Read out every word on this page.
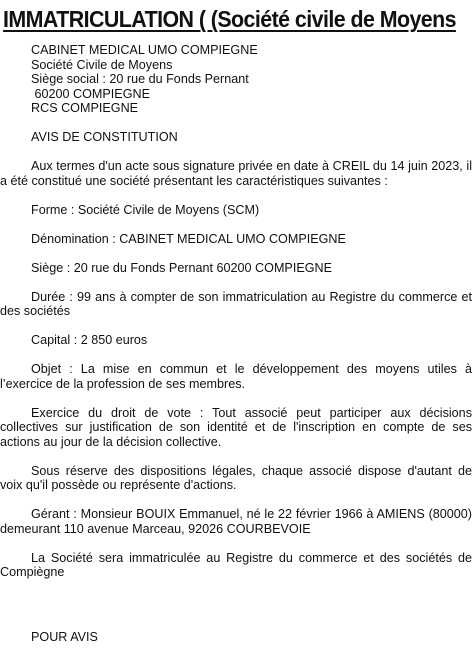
IMMATRICULATION ( (Société civile de Moyens

CABINET MEDICAL UMO COMPIEGNE

Société Civile de Moyens

Siège social : 20 rue du Fonds Pernant

60200 COMPIEGNE

RCS COMPIEGNE

AVIS DE CONSTITUTION

Aux termes d'un acte sous signature privée en date à CREIL du 14 juin 2023, il a été constitué une société présentant les caractéristiques suivantes :

Forme : Société Civile de Moyens (SCM)

Dénomination : CABINET MEDICAL UMO COMPIEGNE

Siège : 20 rue du Fonds Pernant 60200 COMPIEGNE

Durée : 99 ans à compter de son immatriculation au Registre du commerce et des sociétés

Capital : 2 850 euros

Objet : La mise en commun et le développement des moyens utiles à l’exercice de la profession de ses membres.

Exercice du droit de vote : Tout associé peut participer aux décisions collectives sur justification de son identité et de l'inscription en compte de ses actions au jour de la décision collective.

Sous réserve des dispositions légales, chaque associé dispose d'autant de voix qu'il possède ou représente d'actions.

Gérant : Monsieur BOUIX Emmanuel, né le 22 février 1966 à AMIENS (80000) demeurant 110 avenue Marceau, 92026 COURBEVOIE

La Société sera immatriculée au Registre du commerce et des sociétés de Compiègne

POUR AVIS
